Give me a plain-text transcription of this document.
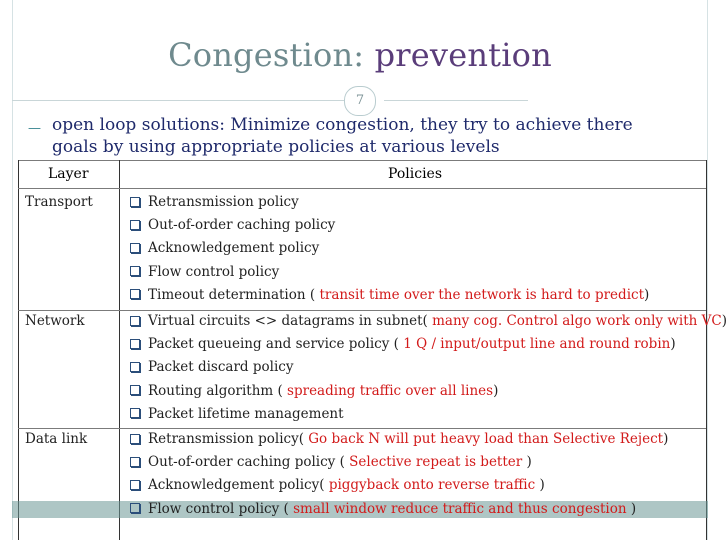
Congestion: prevention
7
— open loop solutions: Minimize congestion, they try to achieve there goals by using appropriate policies at various levels
Layer	Policies
Transport	Retransmission policy
Out-of-order caching policy
Acknowledgement policy
Flow control policy
Timeout determination ( transit time over the network is hard to predict)
Network	Virtual circuits <> datagrams in subnet( many cog. Control algo work only with VC)
Packet queueing and service policy ( 1 Q / input/output line and round robin)
Packet discard policy
Routing algorithm ( spreading traffic over all lines)
Packet lifetime management
Data link	Retransmission policy( Go back N will put heavy load than Selective Reject)
Out-of-order caching policy ( Selective repeat is better )
Acknowledgement policy( piggyback onto reverse traffic )
Flow control policy ( small window reduce traffic and thus congestion )
